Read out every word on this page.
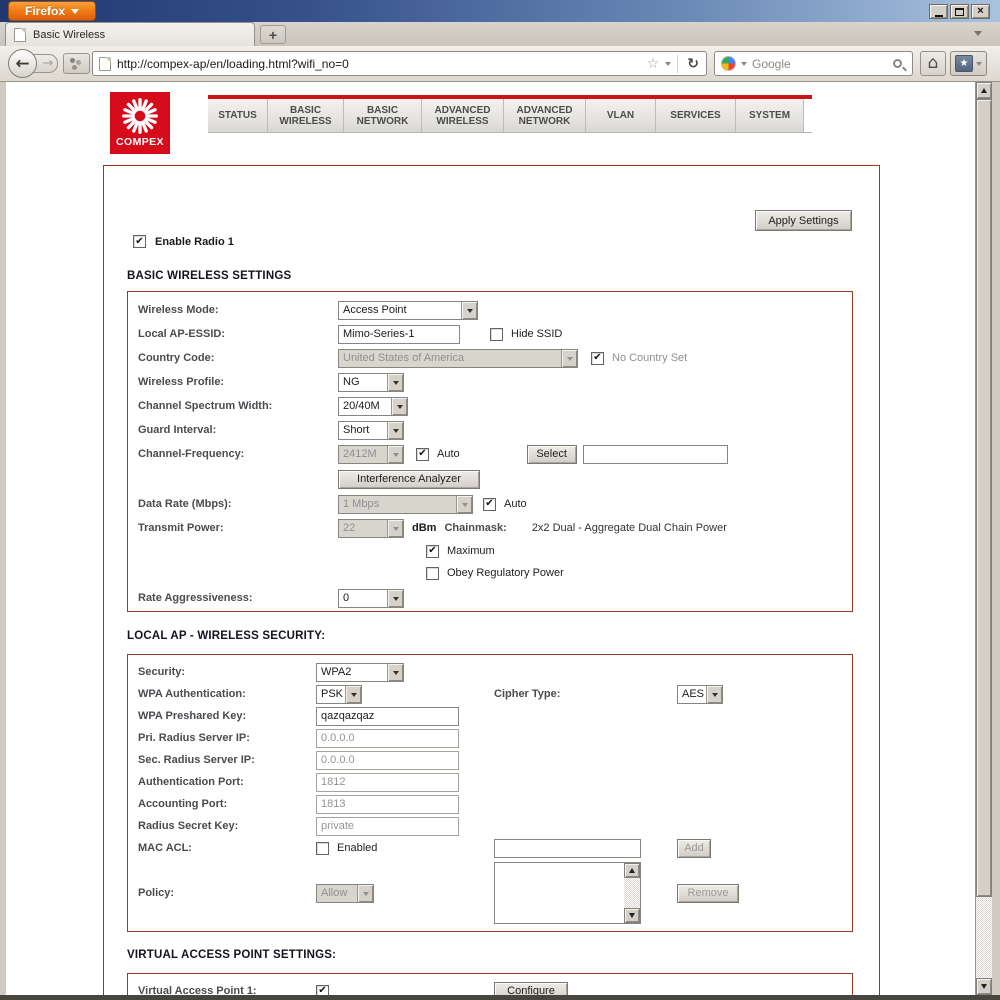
Firefox	×
Basic Wireless	+
→
←	http://compex-ap/en/loading.html?wifi_no=0	☆ ↻	Google	⌂ ★
COMPEX
STATUS	BASIC
WIRELESS
BASIC
NETWORK
ADVANCED
WIRELESS
ADVANCED
NETWORK	VLAN	SERVICES	SYSTEM
Apply Settings
✔ Enable Radio 1
BASIC WIRELESS SETTINGS
Wireless Mode:	Access Point
Local AP-ESSID:	Mimo-Series-1	Hide SSID
Country Code:	United States of America	✔ No Country Set
Wireless Profile:	NG
Channel Spectrum Width:	20/40M
Guard Interval:	Short
Channel-Frequency:	2412M	✔ Auto	Select
Interference Analyzer
Data Rate (Mbps):	1 Mbps	✔ Auto
Transmit Power:	22	dBm Chainmask: 2x2 Dual - Aggregate Dual Chain Power
✔ Maximum
Obey Regulatory Power
Rate Aggressiveness:	0
LOCAL AP - WIRELESS SECURITY:
Security:	WPA2
WPA Authentication:	PSK	Cipher Type:	AES
WPA Preshared Key:	qazqazqaz
Pri. Radius Server IP:	0.0.0.0
Sec. Radius Server IP:	0.0.0.0
Authentication Port:	1812
Accounting Port:	1813
Radius Secret Key:	private
MAC ACL:	Enabled	Add
Policy:	Allow	Remove
VIRTUAL ACCESS POINT SETTINGS:
Virtual Access Point 1:	✔	Configure
